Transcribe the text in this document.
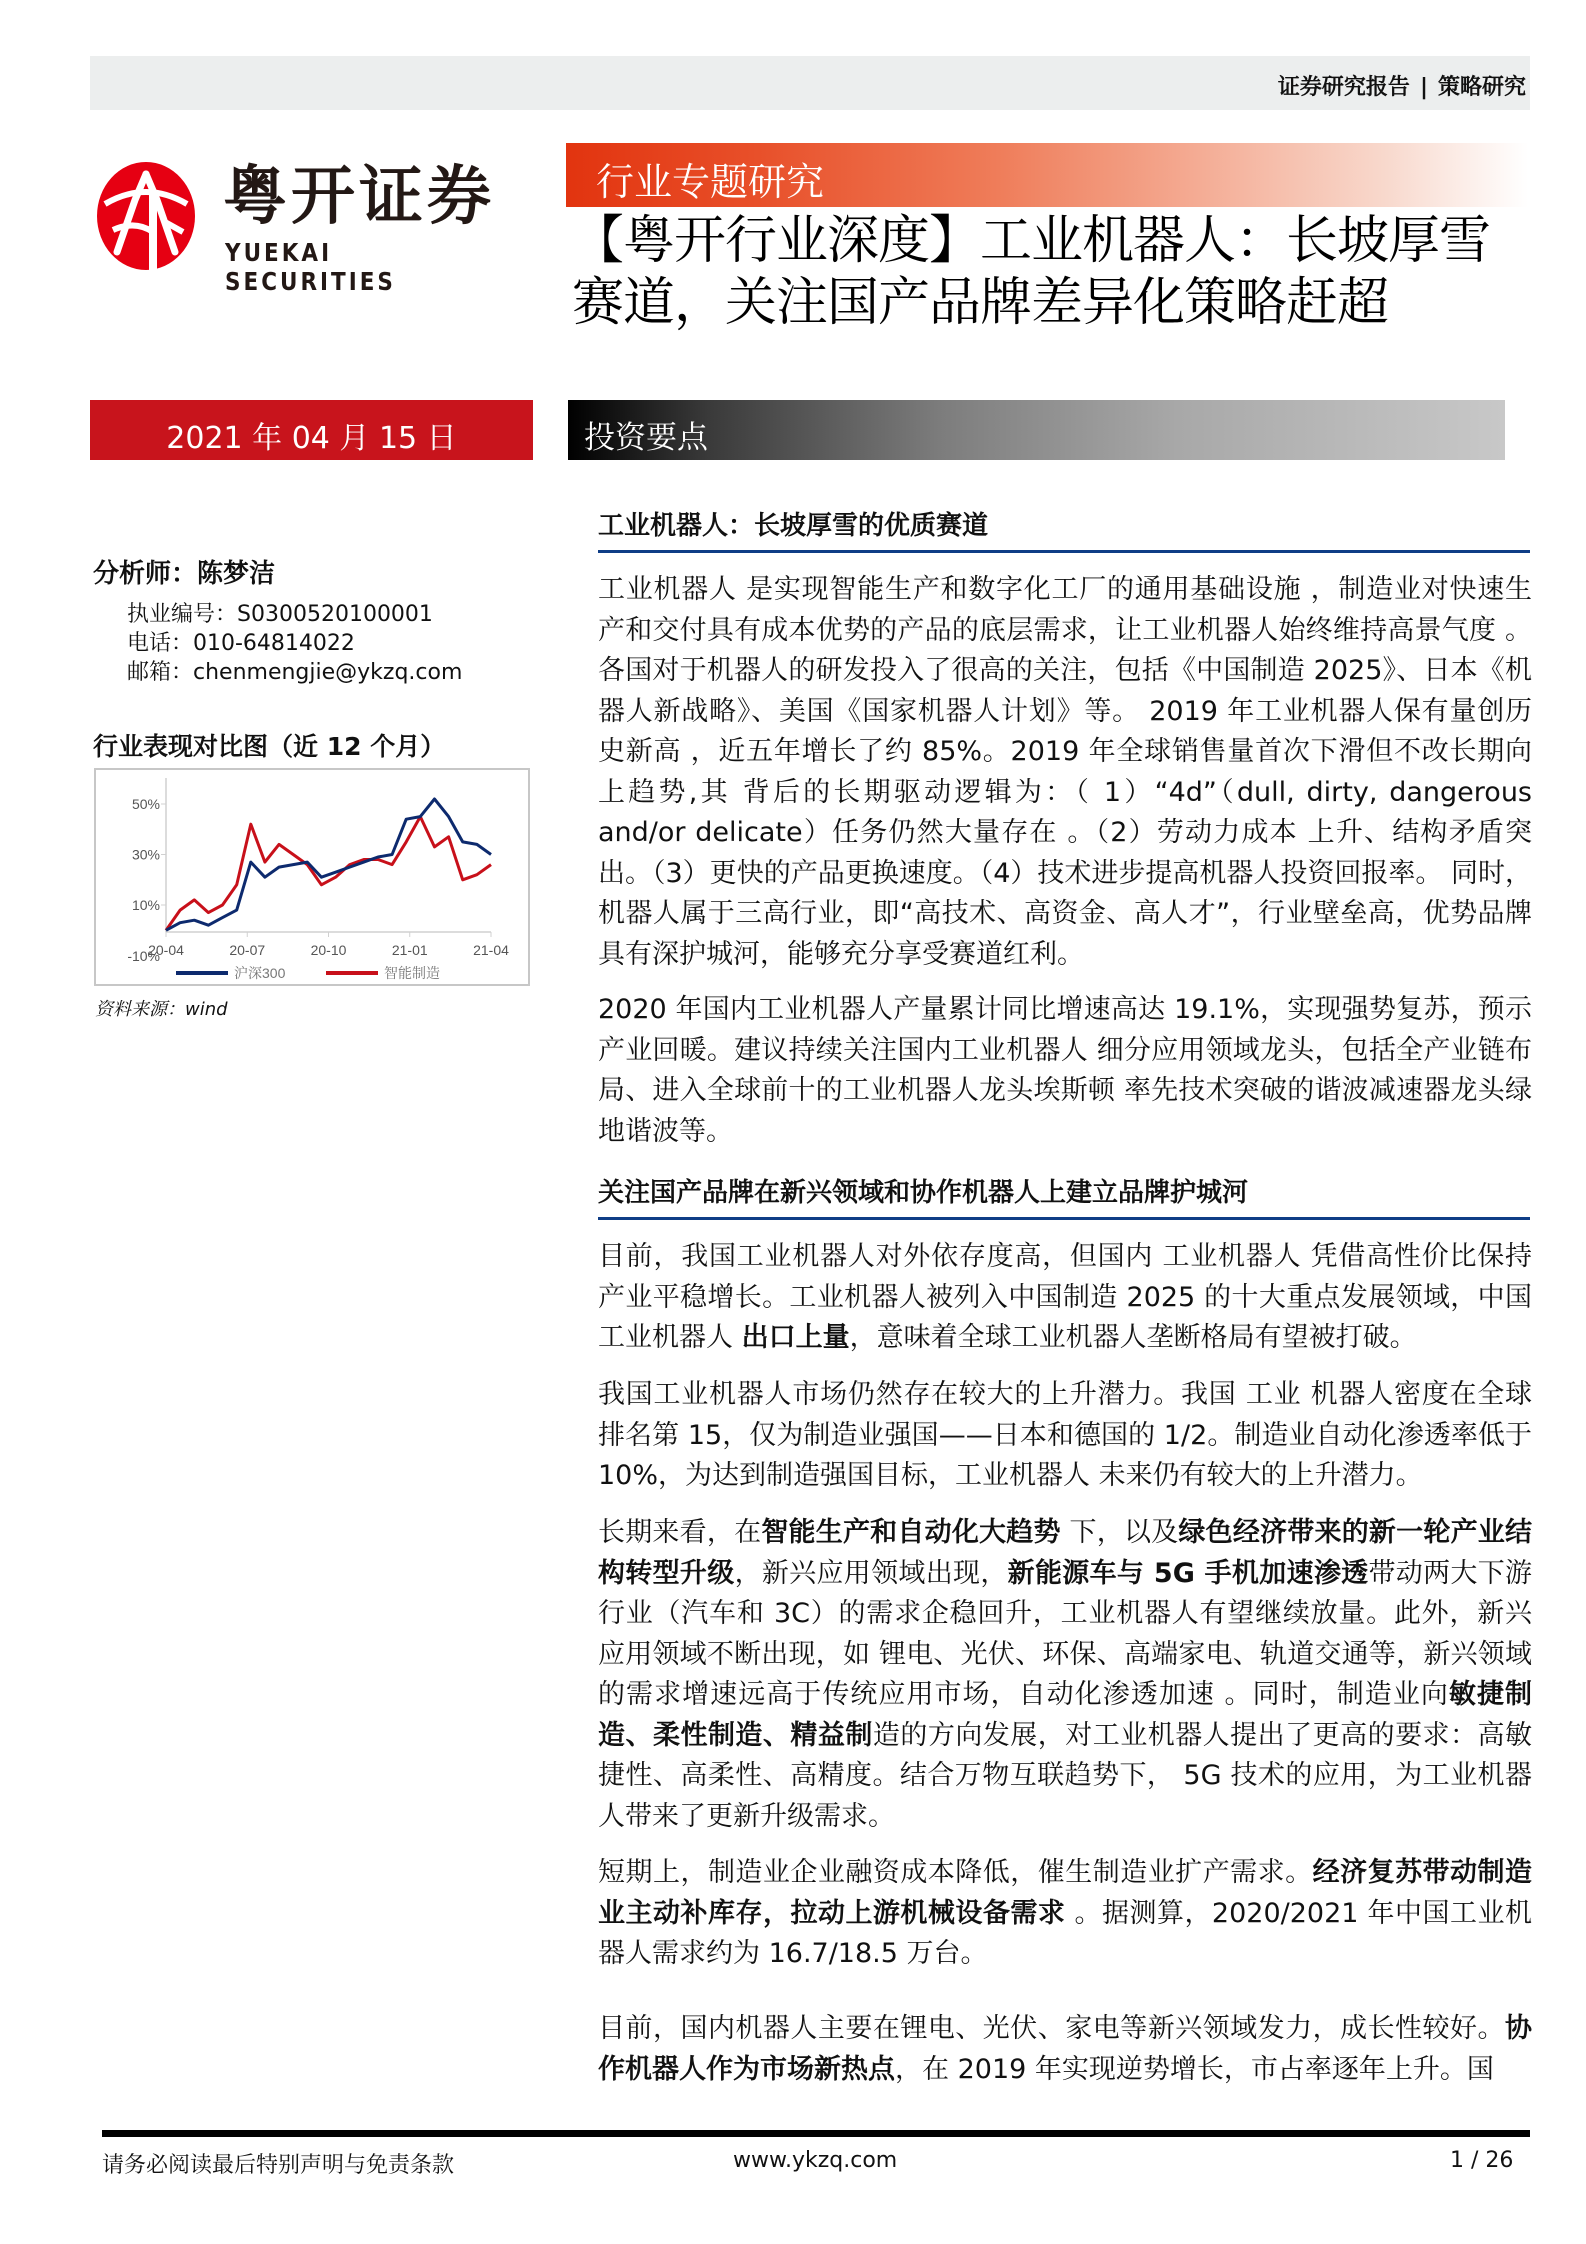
证券研究报告 | 策略研究
粤开证券
YUEKAI SECURITIES
行业专题研究
【粤开行业深度】工业机器人：长坡厚雪赛道，关注国产品牌差异化策略赶超
2021 年 04 月 15 日	投资要点
分析师：陈梦洁
执业编号：S0300520100001
电话：010-64814022
邮箱：chenmengjie@ykzq.com
行业表现对比图（近 12 个月）
50%
30%
10%
-10%
20-04	20-07	20-10	21-01	21-04
沪深300	智能制造
资料来源：wind
工业机器人：长坡厚雪的优质赛道
工业机器人 是实现智能生产和数字化工厂的通用基础设施 ，制造业对快速生产和交付具有成本优势的产品的底层需求，让工业机器人始终维持高景气度 。各国对于机器人的研发投入了很高的关注，包括《中国制造 2025》、日本《机器人新战略》、美国《国家机器人计划》等。 2019 年工业机器人保有量创历史新高 ，近五年增长了约 85%。2019 年全球销售量首次下滑但不改长期向上趋势,其 背后的长期驱动逻辑为：（ 1）“4d”（dull, dirty, dangerous and/or delicate）任务仍然大量存在 。（2）劳动力成本 上升、结构矛盾突出。（3）更快的产品更换速度。（4）技术进步提高机器人投资回报率。 同时，机器人属于三高行业，即“高技术、高资金、高人才”，行业壁垒高，优势品牌具有深护城河，能够充分享受赛道红利。
2020 年国内工业机器人产量累计同比增速高达 19.1%，实现强势复苏，预示产业回暖。建议持续关注国内工业机器人 细分应用领域龙头，包括全产业链布局、进入全球前十的工业机器人龙头埃斯顿 率先技术突破的谐波减速器龙头绿地谐波等。
关注国产品牌在新兴领域和协作机器人上建立品牌护城河
目前，我国工业机器人对外依存度高，但国内 工业机器人 凭借高性价比保持产业平稳增长。工业机器人被列入中国制造 2025 的十大重点发展领域，中国工业机器人 出口上量，意味着全球工业机器人垄断格局有望被打破。
我国工业机器人市场仍然存在较大的上升潜力。我国 工业 机器人密度在全球排名第 15，仅为制造业强国——日本和德国的 1/2。制造业自动化渗透率低于 10%，为达到制造强国目标，工业机器人 未来仍有较大的上升潜力。
长期来看，在智能生产和自动化大趋势 下，以及绿色经济带来的新一轮产业结构转型升级，新兴应用领域出现，新能源车与 5G 手机加速渗透带动两大下游行业（汽车和 3C）的需求企稳回升，工业机器人有望继续放量。此外，新兴应用领域不断出现，如 锂电、光伏、环保、高端家电、轨道交通等，新兴领域的需求增速远高于传统应用市场，自动化渗透加速 。同时，制造业向敏捷制造、柔性制造、精益制造的方向发展，对工业机器人提出了更高的要求：高敏捷性、高柔性、高精度。结合万物互联趋势下， 5G 技术的应用，为工业机器人带来了更新升级需求。
短期上，制造业企业融资成本降低，催生制造业扩产需求。经济复苏带动制造业主动补库存，拉动上游机械设备需求 。据测算，2020/2021 年中国工业机器人需求约为 16.7/18.5 万台。
目前，国内机器人主要在锂电、光伏、家电等新兴领域发力，成长性较好。协作机器人作为市场新热点，在 2019 年实现逆势增长，市占率逐年上升。国
请务必阅读最后特别声明与免责条款	www.ykzq.com	1 / 26
